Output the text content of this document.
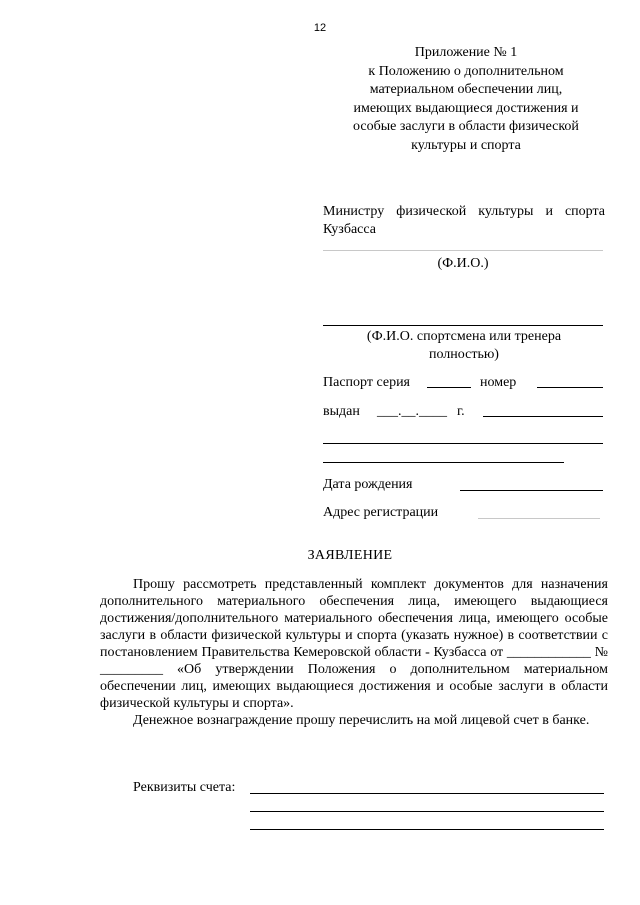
12
Приложение № 1
к Положению о дополнительном
материальном обеспечении лиц,
имеющих выдающиеся достижения и
особые заслуги в области физической
культуры и спорта
Министру физической культуры и спорта Кузбасса
(Ф.И.О.)
(Ф.И.О. спортсмена или тренера полностью)
Паспорт серия	номер
выдан ___.__.____ г.
Дата рождения
Адрес регистрации
ЗАЯВЛЕНИЕ

Прошу рассмотреть представленный комплект документов для назначения дополнительного материального обеспечения лица, имеющего выдающиеся достижения/дополнительного материального обеспечения лица, имеющего особые заслуги в области физической культуры и спорта (указать нужное) в соответствии с постановлением Правительства Кемеровской области - Кузбасса от ____________ № _________ «Об утверждении Положения о дополнительном материальном обеспечении лиц, имеющих выдающиеся достижения и особые заслуги в области физической культуры и спорта».

Денежное вознаграждение прошу перечислить на мой лицевой счет в банке.

Реквизиты счета:
